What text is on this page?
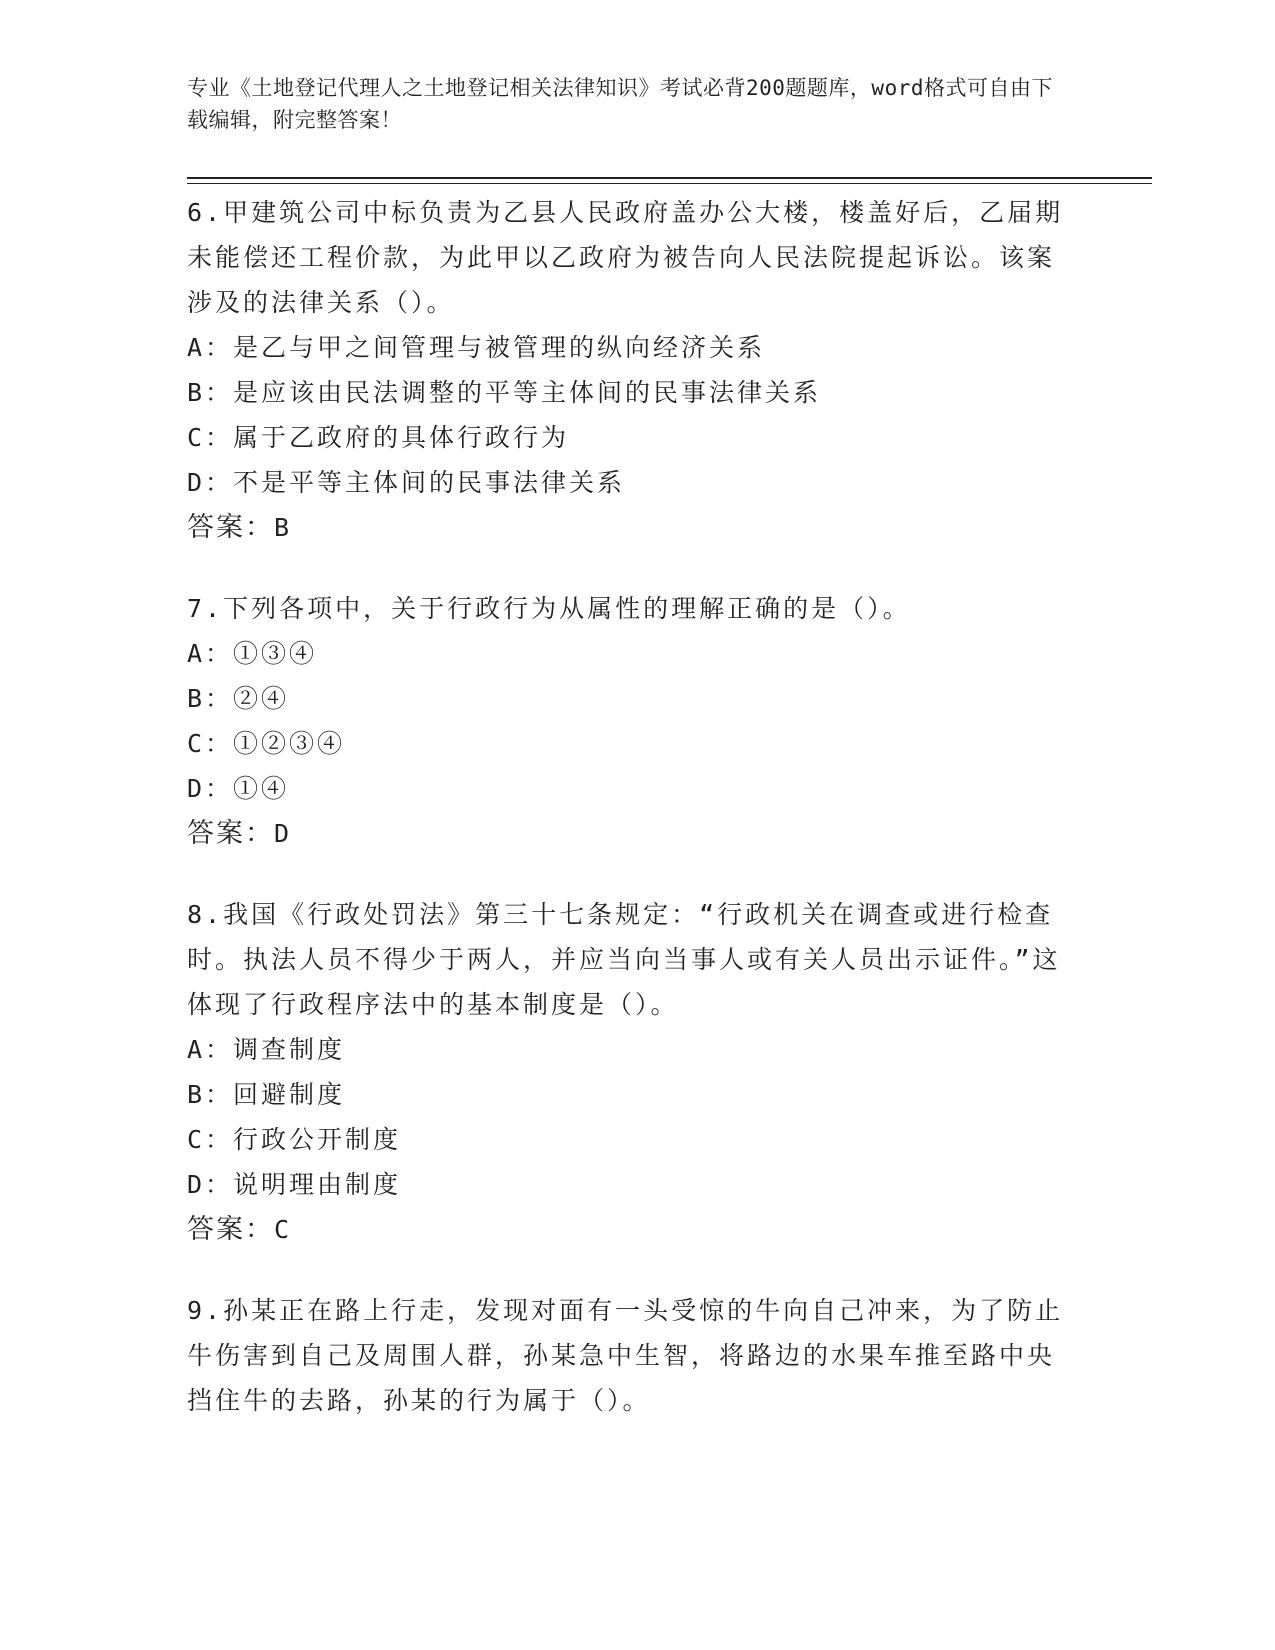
专业《土地登记代理人之土地登记相关法律知识》考试必背200题题库，word格式可自由下载编辑，附完整答案！
6.甲建筑公司中标负责为乙县人民政府盖办公大楼，楼盖好后，乙届期未能偿还工程价款，为此甲以乙政府为被告向人民法院提起诉讼。该案涉及的法律关系（）。
A：是乙与甲之间管理与被管理的纵向经济关系
B：是应该由民法调整的平等主体间的民事法律关系
C：属于乙政府的具体行政行为
D：不是平等主体间的民事法律关系
答案：B
7.下列各项中，关于行政行为从属性的理解正确的是（）。
A：①③④
B：②④
C：①②③④
D：①④
答案：D
8.我国《行政处罚法》第三十七条规定：“行政机关在调查或进行检查时。执法人员不得少于两人，并应当向当事人或有关人员出示证件。”这体现了行政程序法中的基本制度是（）。
A：调查制度
B：回避制度
C：行政公开制度
D：说明理由制度
答案：C
9.孙某正在路上行走，发现对面有一头受惊的牛向自己冲来，为了防止牛伤害到自己及周围人群，孙某急中生智，将路边的水果车推至路中央挡住牛的去路，孙某的行为属于（）。
